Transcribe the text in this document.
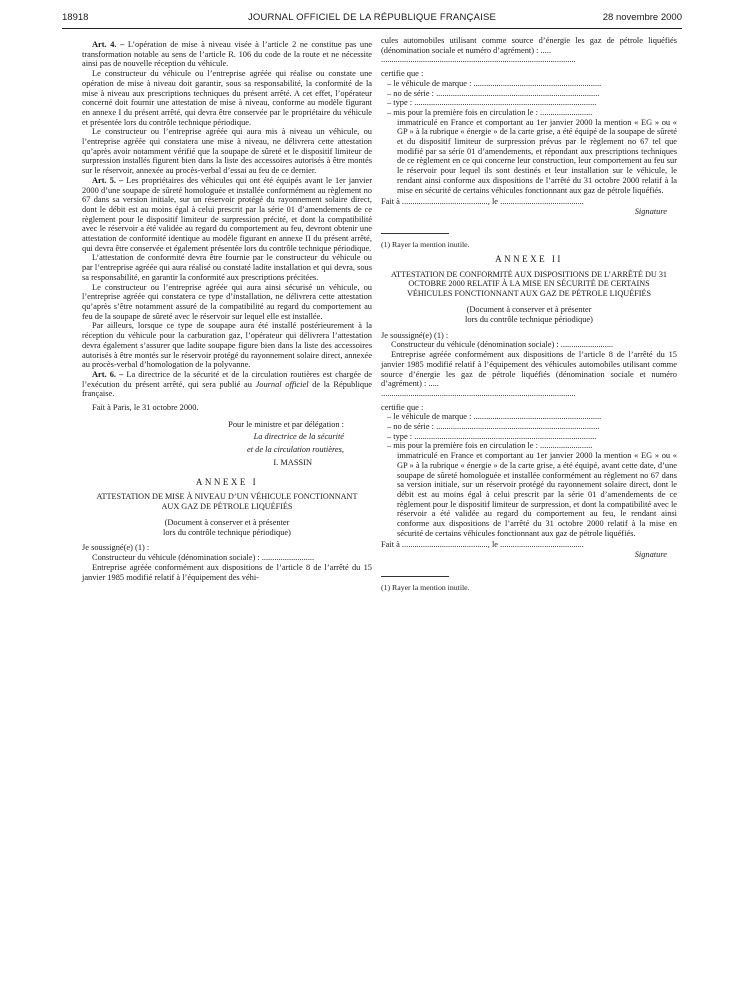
18918	JOURNAL OFFICIEL DE LA RÉPUBLIQUE FRANÇAISE	28 novembre 2000

Art. 4. – L’opération de mise à niveau visée à l’article 2 ne constitue pas une transformation notable au sens de l’article R. 106 du code de la route et ne nécessite ainsi pas de nouvelle réception du véhicule.

Le constructeur du véhicule ou l’entreprise agréée qui réalise ou constate une opération de mise à niveau doit garantir, sous sa responsabilité, la conformité de la mise à niveau aux prescriptions techniques du présent arrêté. A cet effet, l’opérateur concerné doit fournir une attestation de mise à niveau, conforme au modèle figurant en annexe I du présent arrêté, qui devra être conservée par le propriétaire du véhicule et présentée lors du contrôle technique périodique.

Le constructeur ou l’entreprise agréée qui aura mis à niveau un véhicule, ou l’entreprise agréée qui constatera une mise à niveau, ne délivrera cette attestation qu’après avoir notamment vérifié que la soupape de sûreté et le dispositif limiteur de surpression installés figurent bien dans la liste des accessoires autorisés à être montés sur le réservoir, annexée au procès-verbal d’essai au feu de ce dernier.

Art. 5. – Les propriétaires des véhicules qui ont été équipés avant le 1er janvier 2000 d’une soupape de sûreté homologuée et installée conformément au règlement no 67 dans sa version initiale, sur un réservoir protégé du rayonnement solaire direct, dont le débit est au moins égal à celui prescrit par la série 01 d’amendements de ce règlement pour le dispositif limiteur de surpression précité, et dont la compatibilité avec le réservoir a été validée au regard du comportement au feu, devront obtenir une attestation de conformité identique au modèle figurant en annexe II du présent arrêté, qui devra être conservée et également présentée lors du contrôle technique périodique.

L’attestation de conformité devra être fournie par le constructeur du véhicule ou par l’entreprise agréée qui aura réalisé ou constaté ladite installation et qui devra, sous sa responsabilité, en garantir la conformité aux prescriptions précitées.

Le constructeur ou l’entreprise agréée qui aura ainsi sécurisé un véhicule, ou l’entreprise agréée qui constatera ce type d’installation, ne délivrera cette attestation qu’après s’être notamment assuré de la compatibilité au regard du comportement au feu de la soupape de sûreté avec le réservoir sur lequel elle est installée.

Par ailleurs, lorsque ce type de soupape aura été installé postérieurement à la réception du véhicule pour la carburation gaz, l’opérateur qui délivrera l’attestation devra également s’assurer que ladite soupape figure bien dans la liste des accessoires autorisés à être montés sur le réservoir protégé du rayonnement solaire direct, annexée au procès-verbal d’homologation de la polyvanne.

Art. 6. – La directrice de la sécurité et de la circulation routières est chargée de l’exécution du présent arrêté, qui sera publié au Journal officiel de la République française.

Fait à Paris, le 31 octobre 2000.

Pour le ministre et par délégation :

La directrice de la sécurité

et de la circulation routières,

I. MASSIN

ANNEXE I

ATTESTATION DE MISE À NIVEAU D’UN VÉHICULE FONCTIONNANT AUX GAZ DE PÉTROLE LIQUÉFIÉS

(Document à conserver et à présenter
lors du contrôle technique périodique)

Je soussigné(e) (1) :

Constructeur du véhicule (dénomination sociale) : .........................

Entreprise agréée conformément aux dispositions de l’article 8 de l’arrêté du 15 janvier 1985 modifié relatif à l’équipement des véhi-

cules automobiles utilisant comme source d’énergie les gaz de pétrole liquéfiés (dénomination sociale et numéro d’agrément) : .....

.............................................................................................

certifie que :

– le véhicule de marque : .............................................................

– no de série : ..............................................................................

– type : .......................................................................................

– mis pour la première fois en circulation le : .........................

immatriculé en France et comportant au 1er janvier 2000 la mention « EG » ou « GP » à la rubrique « énergie » de la carte grise, a été équipé de la soupape de sûreté et du dispositif limiteur de surpression prévus par le règlement no 67 tel que modifié par sa série 01 d’amendements, et répondant aux prescriptions techniques de ce règlement en ce qui concerne leur construction, leur comportement au feu sur le réservoir pour lequel ils sont destinés et leur installation sur le véhicule, le rendant ainsi conforme aux dispositions de l’arrêté du 31 octobre 2000 relatif à la mise en sécurité de certains véhicules fonctionnant aux gaz de pétrole liquéfiés.

Fait à ........................................., le ........................................

Signature

(1) Rayer la mention inutile.

ANNEXE II

ATTESTATION DE CONFORMITÉ AUX DISPOSITIONS DE L’ARRÊTÉ DU 31 OCTOBRE 2000 RELATIF À LA MISE EN SÉCURITÉ DE CERTAINS VÉHICULES FONCTIONNANT AUX GAZ DE PÉTROLE LIQUÉFIÉS

(Document à conserver et à présenter
lors du contrôle technique périodique)

Je soussigné(e) (1) :

Constructeur du véhicule (dénomination sociale) : .........................

Entreprise agréée conformément aux dispositions de l’article 8 de l’arrêté du 15 janvier 1985 modifié relatif à l’équipement des véhicules automobiles utilisant comme source d’énergie les gaz de pétrole liquéfiés (dénomination sociale et numéro d’agrément) : .....

.............................................................................................

certifie que :

– le véhicule de marque : .............................................................

– no de série : ..............................................................................

– type : .......................................................................................

– mis pour la première fois en circulation le : .........................

immatriculé en France et comportant au 1er janvier 2000 la mention « EG » ou « GP » à la rubrique « énergie » de la carte grise, a été équipé, avant cette date, d’une soupape de sûreté homologuée et installée conformément au règlement no 67 dans sa version initiale, sur un réservoir protégé du rayonnement solaire direct, dont le débit est au moins égal à celui prescrit par la série 01 d’amendements de ce règlement pour le dispositif limiteur de surpression, et dont la compatibilité avec le réservoir a été validée au regard du comportement au feu, le rendant ainsi conforme aux dispositions de l’arrêté du 31 octobre 2000 relatif à la mise en sécurité de certains véhicules fonctionnant aux gaz de pétrole liquéfiés.

Fait à ........................................., le ........................................

Signature

(1) Rayer la mention inutile.
